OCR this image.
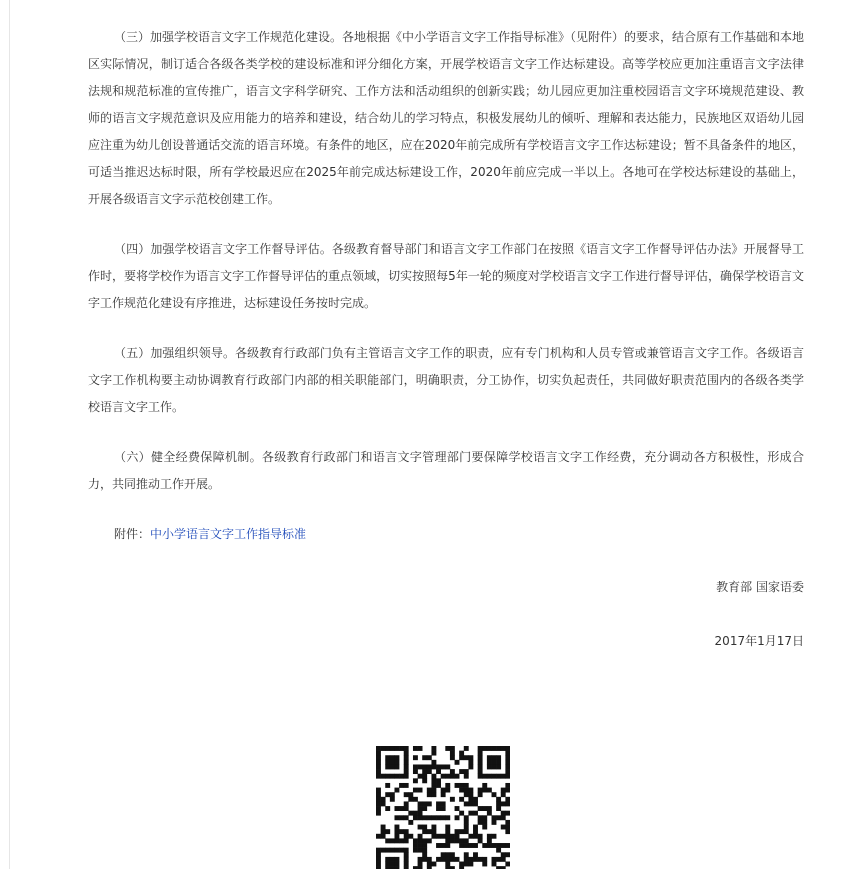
（三）加强学校语言文字工作规范化建设。各地根据《中小学语言文字工作指导标准》（见附件）的要求，结合原有工作基础和本地区实际情况，制订适合各级各类学校的建设标准和评分细化方案，开展学校语言文字工作达标建设。高等学校应更加注重语言文字法律法规和规范标准的宣传推广，语言文字科学研究、工作方法和活动组织的创新实践；幼儿园应更加注重校园语言文字环境规范建设、教师的语言文字规范意识及应用能力的培养和建设，结合幼儿的学习特点，积极发展幼儿的倾听、理解和表达能力，民族地区双语幼儿园应注重为幼儿创设普通话交流的语言环境。有条件的地区，应在2020年前完成所有学校语言文字工作达标建设；暂不具备条件的地区，可适当推迟达标时限，所有学校最迟应在2025年前完成达标建设工作，2020年前应完成一半以上。各地可在学校达标建设的基础上，开展各级语言文字示范校创建工作。

（四）加强学校语言文字工作督导评估。各级教育督导部门和语言文字工作部门在按照《语言文字工作督导评估办法》开展督导工作时，要将学校作为语言文字工作督导评估的重点领域，切实按照每5年一轮的频度对学校语言文字工作进行督导评估，确保学校语言文字工作规范化建设有序推进，达标建设任务按时完成。

（五）加强组织领导。各级教育行政部门负有主管语言文字工作的职责，应有专门机构和人员专管或兼管语言文字工作。各级语言文字工作机构要主动协调教育行政部门内部的相关职能部门，明确职责，分工协作，切实负起责任，共同做好职责范围内的各级各类学校语言文字工作。

（六）健全经费保障机制。各级教育行政部门和语言文字管理部门要保障学校语言文字工作经费，充分调动各方积极性，形成合力，共同推动工作开展。

附件：中小学语言文字工作指导标准

教育部 国家语委

2017年1月17日
